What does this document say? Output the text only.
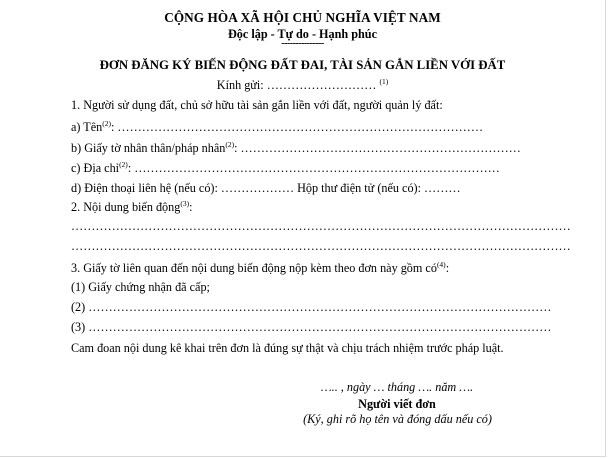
CỘNG HÒA XÃ HỘI CHỦ NGHĨA VIỆT NAM
Độc lập - Tự do - Hạnh phúc
---------------
ĐƠN ĐĂNG KÝ BIẾN ĐỘNG ĐẤT ĐAI, TÀI SẢN GẮN LIỀN VỚI ĐẤT
Kính gửi: ……………………… $^{(1)}$
1. Người sử dụng đất, chủ sở hữu tài sản gắn liền với đất, người quản lý đất:
a) Tên$^{(2)}$: ………………………………………………………………………………
b) Giấy tờ nhân thân/pháp nhân$^{(2)}$: ……………………………………………………………
c) Địa chỉ$^{(2)}$: ………………………………………………………………………………
d) Điện thoại liên hệ (nếu có): ……………… Hộp thư điện tử (nếu có): ………
2. Nội dung biến động$^{(3)}$:
……………………………………………………………………………………………………………
……………………………………………………………………………………………………………
3. Giấy tờ liên quan đến nội dung biến động nộp kèm theo đơn này gồm $có^{(4)}$:
(1) Giấy chứng nhận đã cấp;
(2) ……………………………………………………………………………………………………
(3) ……………………………………………………………………………………………………
Cam đoan nội dung kê khai trên đơn là đúng sự thật và chịu trách nhiệm trước pháp luật.
….. , ngày … tháng …. năm ….
Người viết đơn
(Ký, ghi rõ họ tên và đóng dấu nếu có)
